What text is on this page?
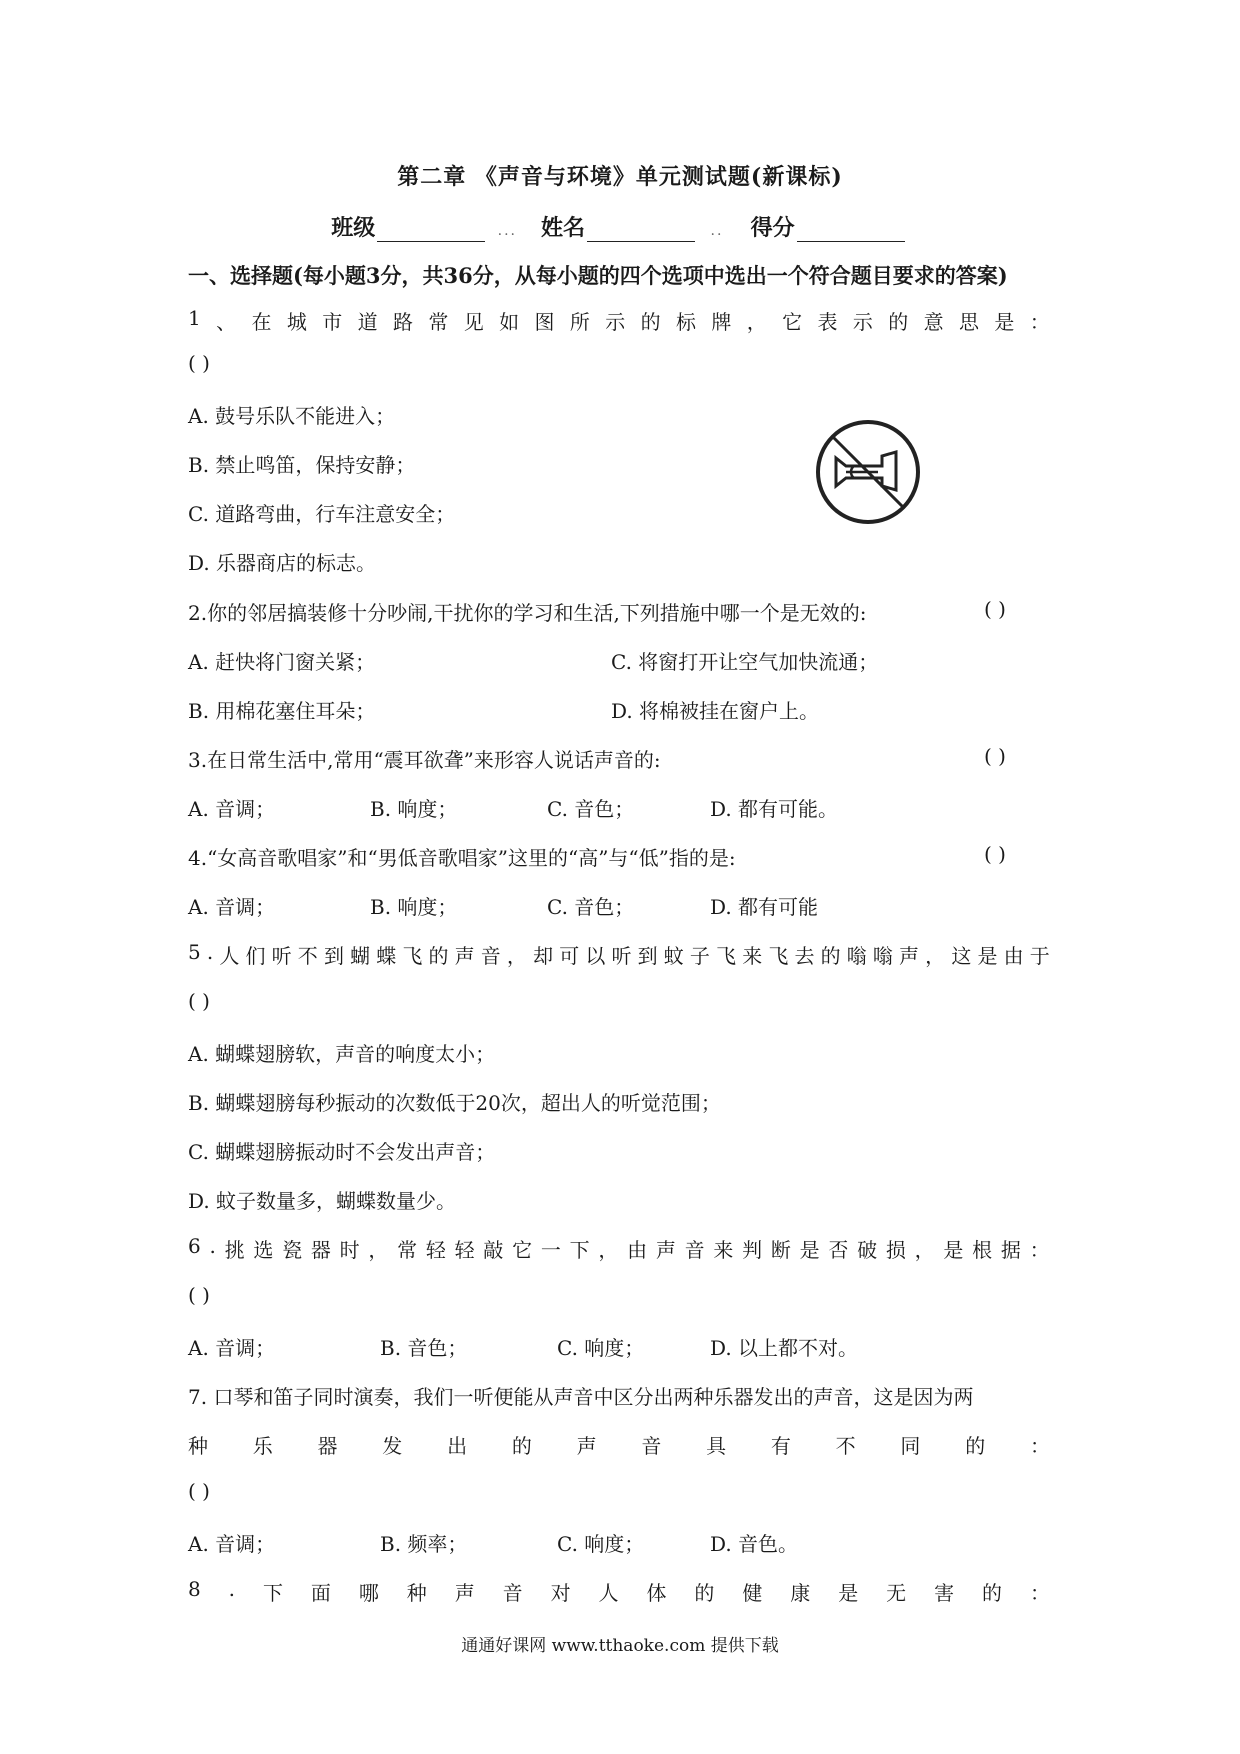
第二章 《声音与环境》单元测试题(新课标)
班级	... 姓名	.. 得分
一、选择题(每小题3分，共36分，从每小题的四个选项中选出一个符合题目要求的答案)
1 、 在 城 市 道 路 常 见 如 图 所 示 的 标 牌 ， 它 表 示 的 意 思 是 ：
( )
A. 鼓号乐队不能进入；
B. 禁止鸣笛，保持安静；
C. 道路弯曲，行车注意安全；
D. 乐器商店的标志。
2.你的邻居搞装修十分吵闹,干扰你的学习和生活,下列措施中哪一个是无效的:	( )
A. 赶快将门窗关紧；	C. 将窗打开让空气加快流通；
B. 用棉花塞住耳朵；	D. 将棉被挂在窗户上。
3.在日常生活中,常用“震耳欲聋”来形容人说话声音的:	( )
A. 音调；	B. 响度；	C. 音色；	D. 都有可能。
4.“女高音歌唱家”和“男低音歌唱家”这里的“高”与“低”指的是:	( )
A. 音调；	B. 响度；	C. 音色；	D. 都有可能
5 . 人 们 听 不 到 蝴 蝶 飞 的 声 音 ， 却 可 以 听 到 蚊 子 飞 来 飞 去 的 嗡 嗡 声 ， 这 是 由 于
( )
A. 蝴蝶翅膀软，声音的响度太小；
B. 蝴蝶翅膀每秒振动的次数低于20次，超出人的听觉范围；
C. 蝴蝶翅膀振动时不会发出声音；
D. 蚊子数量多，蝴蝶数量少。
6 . 挑 选 瓷 器 时 ， 常 轻 轻 敲 它 一 下 ， 由 声 音 来 判 断 是 否 破 损 ， 是 根 据 ：
( )
A. 音调；	B. 音色；	C. 响度；	D. 以上都不对。
7. 口琴和笛子同时演奏，我们一听便能从声音中区分出两种乐器发出的声音，这是因为两
种 乐 器 发 出 的 声 音 具 有 不 同 的 ：
( )
A. 音调；	B. 频率；	C. 响度；	D. 音色。
8 . 下 面 哪 种 声 音 对 人 体 的 健 康 是 无 害 的 ：
通通好课网 www.tthaoke.com 提供下载
